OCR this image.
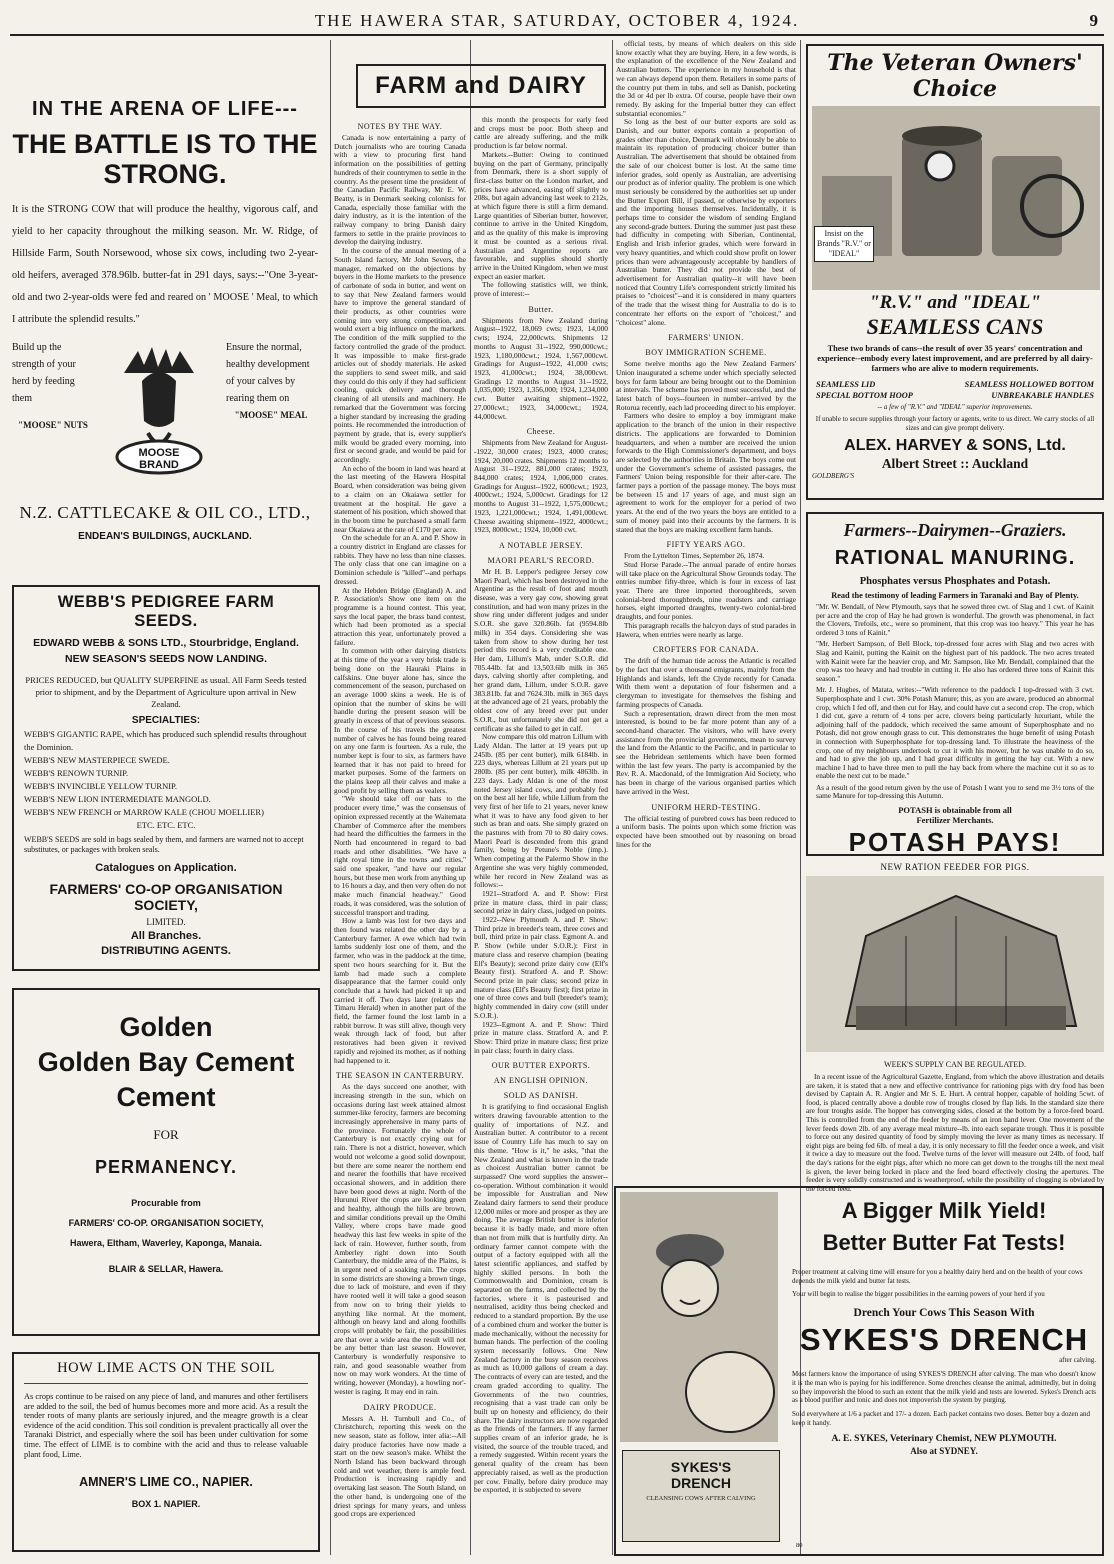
THE HAWERA STAR, SATURDAY, OCTOBER 4, 1924.	9
IN THE ARENA OF LIFE---
THE BATTLE IS TO THE STRONG.

It is the STRONG COW that will produce the healthy, vigorous calf, and yield to her capacity throughout the milking season. Mr. W. Ridge, of Hillside Farm, South Norsewood, whose six cows, including two 2-year-old heifers, averaged 378.96lb. butter-fat in 291 days, says:--"One 3-year-old and two 2-year-olds were fed and reared on ' MOOSE ' Meal, to which I attribute the splendid results."

Build up the strength of your herd by feeding them

"MOOSE" NUTS
MOOSE BRAND
Ensure the normal, healthy development of your calves by rearing them on

"MOOSE" MEAL
N.Z. CATTLECAKE & OIL CO., LTD.,
ENDEAN'S BUILDINGS, AUCKLAND.
WEBB'S PEDIGREE FARM SEEDS.
EDWARD WEBB & SONS LTD., Stourbridge, England.
NEW SEASON'S SEEDS NOW LANDING.

PRICES REDUCED, but QUALITY SUPERFINE as usual. All Farm Seeds tested prior to shipment, and by the Department of Agriculture upon arrival in New Zealand.

SPECIALTIES:

WEBB'S GIGANTIC RAPE, which has produced such splendid results throughout the Dominion.

WEBB'S NEW MASTERPIECE SWEDE.

WEBB'S RENOWN TURNIP.

WEBB'S INVINCIBLE YELLOW TURNIP.

WEBB'S NEW LION INTERMEDIATE MANGOLD.

WEBB'S NEW FRENCH or MARROW KALE (CHOU MOELLIER)

ETC. ETC. ETC.

WEBB'S SEEDS are sold in bags sealed by them, and farmers are warned not to accept substitutes, or packages with broken seals.

Catalogues on Application.
FARMERS' CO-OP ORGANISATION SOCIETY,
LIMITED.
All Branches.
DISTRIBUTING AGENTS.
Golden
Golden Bay Cement
Cement
FOR
PERMANENCY.
Procurable from
FARMERS' CO-OP. ORGANISATION SOCIETY,
Hawera, Eltham, Waverley, Kaponga, Manaia.
BLAIR & SELLAR, Hawera.
HOW LIME ACTS ON THE SOIL

As crops continue to be raised on any piece of land, and manures and other fertilisers are added to the soil, the bed of humus becomes more and more acid. As a result the tender roots of many plants are seriously injured, and the meagre growth is a clear evidence of the acid condition. This soil condition is prevalent practically all over the Taranaki District, and especially where the soil has been under cultivation for some time. The effect of LIME is to combine with the acid and thus to release valuable plant food, Lime.

AMNER'S LIME CO., NAPIER.
BOX 1. NAPIER.
FARM and DAIRY

NOTES BY THE WAY.

Canada is now entertaining a party of Dutch journalists who are touring Canada with a view to procuring first hand information on the possibilities of getting hundreds of their countrymen to settle in the country. As the present time the president of the Canadian Pacific Railway, Mr E. W. Beatty, is in Denmark seeking colonists for Canada, especially those familiar with the dairy industry, as it is the intention of the railway company to bring Danish dairy farmers to settle in the prairie provinces to develop the dairying industry.

In the course of the annual meeting of a South Island factory, Mr John Severs, the manager, remarked on the objections by buyers in the Home markets to the presence of carbonate of soda in butter, and went on to say that New Zealand farmers would have to improve the general standard of their products, as other countries were coming into very strong competition, and would exert a big influence on the markets. The condition of the milk supplied to the factory controlled the grade of the product. It was impossible to make first-grade articles out of shoddy materials. He asked the suppliers to send sweet milk, and said they could do this only if they had sufficient cooling, quick delivery and thorough cleaning of all utensils and machinery. He remarked that the Government was forcing a higher standard by increasing the grading points. He recommended the introduction of payment by grade, that is, every supplier's milk would be graded every morning, into first or second grade, and would be paid for accordingly.

An echo of the boom in land was heard at the last meeting of the Hawera Hospital Board, when consideration was being given to a claim on an Okaiawa settler for treatment at the hospital. He gave a statement of his position, which showed that in the boom time he purchased a small farm near Okaiawa at the rate of £170 per acre.

On the schedule for an A. and P. Show in a country district in England are classes for rabbits. They have no less than nine classes. The only class that one can imagine on a Dominion schedule is "killed"--and perhaps dressed.

At the Hebden Bridge (England) A. and P. Association's Show one item on the programme is a hound contest. This year, says the local paper, the brass band contest, which had been promoted as a special attraction this year, unfortunately proved a failure.

In common with other dairying districts at this time of the year a very brisk trade is being done on the Hauraki Plains in calfskins. One buyer alone has, since the commencement of the season, purchased on an average 1000 skins a week. He is of opinion that the number of skins he will handle during the present season will be greatly in excess of that of previous seasons. In the course of his travels the greatest number of calves he has found being reared on any one farm is fourteen. As a rule, the number kept is four to six, as farmers have learned that it has not paid to breed for market purposes. Some of the farmers on the plains keep all their calves and make a good profit by selling them as vealers.

"We should take off our hats to the producer every time," was the consensus of opinion expressed recently at the Waitemata Chamber of Commerce after the members had heard the difficulties the farmers in the North had encountered in regard to bad roads and other disabilities. "We have a right royal time in the towns and cities," said one speaker, "and have our regular hours, but these men work from anything up to 16 hours a day, and then very often do not make much financial headway." Good roads, it was considered, was the solution of successful transport and trading.

How a lamb was lost for two days and then found was related the other day by a Canterbury farmer. A ewe which had twin lambs suddenly lost one of them, and the farmer, who was in the paddock at the time, spent two hours searching for it. But the lamb had made such a complete disappearance that the farmer could only conclude that a hawk had picked it up and carried it off. Two days later (relates the Timaru Herald) when in another part of the field, the farmer found the lost lamb in a rabbit burrow. It was still alive, though very weak through lack of food, but after restoratives had been given it revived rapidly and rejoined its mother, as if nothing had happened to it.

THE SEASON IN CANTERBURY.

As the days succeed one another, with increasing strength in the sun, which on occasions during last week attained almost summer-like ferocity, farmers are becoming increasingly apprehensive in many parts of the province. Fortunately the whole of Canterbury is not exactly crying out for rain. There is not a district, however, which would not welcome a good solid downpour, but there are some nearer the northern end and nearer the foothills that have received occasional showers, and in addition there have been good dews at night. North of the Hurunui River the crops are looking green and healthy, although the hills are brown, and similar conditions prevail up the Omihi Valley, where crops have made good headway this last few weeks in spite of the lack of rain. However, further south, from Amberley right down into South Canterbury, the middle area of the Plains, is in urgent need of a soaking rain. The crops in some districts are showing a brown tinge, due to lack of moisture, and even if they have rooted well it will take a good season from now on to bring their yields to anything like normal. At the moment, although on heavy land and along foothills crops will probably be fair, the possibilities are that over a wide area the result will not be any better than last season. However, Canterbury is wonderfully responsive to rain, and good seasonable weather from now on may work wonders. At the time of writing, however (Monday), a howling nor'-wester is raging. It may end in rain.

DAIRY PRODUCE.

Messrs A. H. Turnbull and Co., of Christchurch, reporting this week on the new season, state as follow, inter alia:--All dairy produce factories have now made a start on the new season's make. Whilst the North Island has been backward through cold and wet weather, there is ample feed. Production is increasing rapidly and overtaking last season. The South Island, on the other hand, is undergoing one of the driest springs for many years, and unless good crops are experienced

this month the prospects for early feed and crops must be poor. Both sheep and cattle are already suffering, and the milk production is far below normal.

Markets.--Butter: Owing to continued buying on the part of Germany, principally from Denmark, there is a short supply of first-class butter on the London market, and prices have advanced, easing off slightly to 208s, but again advancing last week to 212s, at which figure there is still a firm demand. Large quantities of Siberian butter, however, continue to arrive in the United Kingdom, and as the quality of this make is improving it must be counted as a serious rival. Australian and Argentine reports are favourable, and supplies should shortly arrive in the United Kingdom, when we must expect an easier market.

The following statistics will, we think, prove of interest:--

Butter.

Shipments from New Zealand during August--1922, 18,069 cwts; 1923, 14,000 cwts; 1924, 22,000cwts. Shipments 12 months to August 31--1922, 990,000cwt.; 1923, 1,180,000cwt.; 1924, 1,567,000cwt. Gradings for August--1922, 41,000 cwts; 1923, 41,000cwt.; 1924, 38,000cwt. Gradings 12 months to August 31--1922, 1,035,000; 1923, 1,356,000; 1924, 1,234,000 cwt. Butter awaiting shipment--1922, 27,000cwt.; 1923, 34,000cwt.; 1924, 44,000cwt.

Cheese.

Shipments from New Zealand for August--1922, 30,000 crates; 1923, 4000 crates; 1924, 20,000 crates. Shipments 12 months to August 31--1922, 881,000 crates; 1923, 844,000 crates; 1924, 1,006,000 crates. Gradings for August--1922, 6000cwt.; 1923, 4000cwt.; 1924, 5,000cwt. Gradings for 12 months to August 31--1922, 1,575,000cwt.; 1923, 1,221,000cwt.; 1924, 1,491,000cwt. Cheese awaiting shipment--1922, 4000cwt.; 1923, 8000cwt.; 1924, 10,000 cwt.

A NOTABLE JERSEY.

MAORI PEARL'S RECORD.

Mr H. B. Lepper's pedigree Jersey cow Maori Pearl, which has been destroyed in the Argentine as the result of foot and mouth disease, was a very gay cow, showing great constitution, and had won many prizes in the show ring under different judges and under S.O.R. she gave 320.86lb. fat (9594.8lb milk) in 354 days. Considering she was taken from show to show during her test period this record is a very creditable one. Her dam, Lillum's Mab, under S.O.R. did 705.44lb. fat and 13,503.6lb milk in 365 days, calving shortly after completing, and her grand dam, Lillum, under S.O.R. gave 383.81lb. fat and 7624.3lb. milk in 365 days at the advanced age of 21 years, probably the oldest cow of any breed ever put under S.O.R., but unfortunately she did not get a certificate as she failed to get in calf.

Now compare this old matron Lillum with Lady Aldan. The latter at 19 years put up 245lb. (85 per cent butter), milk 6184lb. in 223 days, whereas Lillum at 21 years put up 280lb. (85 per cent butter), milk 4863lb. in 223 days. Lady Aldan is one of the most noted Jersey island cows, and probably fed on the best all her life, while Lillum from the very first of her life to 21 years, never knew what it was to have any food given to her such as bran and oats. She simply grazed on the pastures with from 70 to 80 dairy cows. Maori Pearl is descended from this grand family, being by Petune's Noble (imp.). When competing at the Palermo Show in the Argentine she was very highly commended, while her record in New Zealand was as follows:--

1921--Stratford A. and P. Show: First prize in mature class, third in pair class; second prize in dairy class, judged on points.

1922--New Plymouth A. and P. Show: Third prize in breeder's team, three cows and bull, third prize in pair class. Egmont A. and P. Show (while under S.O.R.): First in mature class and reserve champion (beating Elf's Beauty); second prize dairy cow (Elf's Beauty first). Stratford A. and P. Show: Second prize in pair class; second prize in mature class (Elf's Beauty first); first prize in one of three cows and bull (breeder's team); highly commended in dairy cow (still under S.O.R.).

1923--Egmont A. and P. Show: Third prize in mature class. Stratford A. and P. Show: Third prize in mature class; first prize in pair class; fourth in dairy class.

OUR BUTTER EXPORTS.

AN ENGLISH OPINION.

SOLD AS DANISH.

It is gratifying to find occasional English writers drawing favourable attention to the quality of importations of N.Z. and Australian butter. A contributor to a recent issue of Country Life has much to say on this theme. "How is it," he asks, "that the New Zealand and what is known in the trade as choicest Australian butter cannot be surpassed? One word supplies the answer--co-operation. Without combination it would be impossible for Australian and New Zealand dairy farmers to send their produce 12,000 miles or more and prosper as they are doing. The average British butter is inferior because it is badly made, and more often than not from milk that is hurtfully dirty. An ordinary farmer cannot compete with the output of a factory equipped with all the latest scientific appliances, and staffed by highly skilled persons. In both the Commonwealth and Dominion, cream is separated on the farms, and collected by the factories, where it is pasteurised and neutralised, acidity thus being checked and reduced to a standard proportion. By the use of a combined churn and worker the butter is made mechanically, without the necessity for human hands. The perfection of the cooling system necessarily follows. One New Zealand factory in the busy season receives as much as 10,000 gallons of cream a day. The contracts of every can are tested, and the cream graded according to quality. The Governments of the two countries, recognising that a vast trade can only be built up on honesty and efficiency, do their share. The dairy instructors are now regarded as the friends of the farmers. If any farmer supplies cream of an inferior grade, he is visited, the source of the trouble traced, and a remedy suggested. Within recent years the general quality of the cream has been appreciably raised, as well as the production per cow. Finally, before dairy produce may be exported, it is subjected to severe

official tests, by means of which dealers on this side know exactly what they are buying. Here, in a few words, is the explanation of the excellence of the New Zealand and Australian butters. The experience in my household is that we can always depend upon them. Retailers in some parts of the country put them in tubs, and sell as Danish, pocketing the 3d or 4d per lb extra. Of course, people have their own remedy. By asking for the Imperial butter they can effect substantial economies."

So long as the best of our butter exports are sold as Danish, and our butter exports contain a proportion of grades other than choice, Denmark will obviously be able to maintain its reputation of producing choicer butter than Australian. The advertisement that should be obtained from the sale of our choicest butter is lost. At the same time inferior grades, sold openly as Australian, are advertising our product as of inferior quality. The problem is one which must seriously be considered by the authorities set up under the Butter Export Bill, if passed, or otherwise by exporters and the importing houses themselves. Incidentally, it is perhaps time to consider the wisdom of sending England any second-grade butters. During the summer just past these had difficulty in competing with Siberian, Continental, English and Irish inferior grades, which were forward in very heavy quantities, and which could show profit on lower prices than were advantageously acceptable by handlers of Australian butter. They did not provide the best of advertisement for Australian quality--it will have been noticed that Country Life's correspondent strictly limited his praises to "choicest"--and it is considered in many quarters of the trade that the wisest thing for Australia to do is to concentrate her efforts on the export of "choicest," and "choicest" alone.

FARMERS' UNION.

BOY IMMIGRATION SCHEME.

Some twelve months ago the New Zealand Farmers' Union inaugurated a scheme under which specially selected boys for farm labour are being brought out to the Dominion at intervals. The scheme has proved most successful, and the latest batch of boys--fourteen in number--arrived by the Rotorua recently, each lad proceeding direct to his employer.

Farmers who desire to employ a boy immigrant make application to the branch of the union in their respective districts. The applications are forwarded to Dominion headquarters, and when a number are received the union forwards to the High Commissioner's department, and boys are selected by the authorities in Britain. The boys come out under the Government's scheme of assisted passages, the Farmers' Union being responsible for their after-care. The farmer pays a portion of the passage money. The boys must be between 15 and 17 years of age, and must sign an agreement to work for the employer for a period of two years. At the end of the two years the boys are entitled to a sum of money paid into their accounts by the farmers. It is stated that the boys are making excellent farm hands.

FIFTY YEARS AGO.

From the Lyttelton Times, September 26, 1874.

Stud Horse Parade.--The annual parade of entire horses will take place on the Agricultural Show Grounds today. The entries number fifty-three, which is four in excess of last year. There are three imported thoroughbreds, seven colonial-bred thoroughbreds, nine roadsters and carriage horses, eight imported draughts, twenty-two colonial-bred draughts, and four ponies.

This paragraph recalls the halcyon days of stud parades in Hawera, when entries were nearly as large.

CROFTERS FOR CANADA.

The drift of the human tide across the Atlantic is recalled by the fact that over a thousand emigrants, mainly from the Highlands and islands, left the Clyde recently for Canada. With them went a deputation of four fishermen and a clergyman to investigate for themselves the fishing and farming prospects of Canada.

Such a representation, drawn direct from the men most interested, is bound to be far more potent than any of a second-hand character. The visitors, who will have every assistance from the provincial governments, mean to survey the land from the Atlantic to the Pacific, and in particular to see the Hebridean settlements which have been formed within the last few years. The party is accompanied by the Rev. R. A. Macdonald, of the Immigration Aid Society, who has been in charge of the various organised parties which have arrived in the West.

UNIFORM HERD-TESTING.

The official testing of purebred cows has been reduced to a uniform basis. The points upon which some friction was expected have been smoothed out by reasoning on broad lines for the

The Veteran Owners' Choice
Insist on the Brands "R.V." or "IDEAL"
"R.V." and "IDEAL"
SEAMLESS CANS

These two brands of cans--the result of over 35 years' concentration and experience--embody every latest improvement, and are preferred by all dairy-farmers who are alive to modern requirements.

SEAMLESS LID	SEAMLESS HOLLOWED BOTTOM
SPECIAL BOTTOM HOOP	UNBREAKABLE HANDLES
-- a few of "R.V." and "IDEAL" superior improvements.

If unable to secure supplies through your factory or agents, write to us direct. We carry stocks of all sizes and can give prompt delivery.

ALEX. HARVEY & SONS, Ltd.
Albert Street :: Auckland
GOLDBERG'S
Farmers--Dairymen--Graziers.
RATIONAL MANURING.
Phosphates versus Phosphates and Potash.
Read the testimony of leading Farmers in Taranaki and Bay of Plenty.

"Mr. W. Bendall, of New Plymouth, says that he sowed three cwt. of Slag and 1 cwt. of Kainit per acre and the crop of Hay he had grown is wonderful. The growth was phenomenal, in fact the Clovers, Trefoils, etc., were so prominent, that this crop was too heavy." This year he has ordered 3 tons of Kainit."

"Mr. Herbert Sampson, of Bell Block, top-dressed four acres with Slag and two acres with Slag and Kainit, putting the Kainit on the highest part of his paddock. The two acres treated with Kainit were far the heavier crop, and Mr. Sampson, like Mr. Bendall, complained that the crop was too heavy and had trouble in cutting it. He also has ordered three tons of Kainit this season."

Mr. J. Hughes, of Matata, writes:--"With reference to the paddock I top-dressed with 3 cwt. Superphosphate and 1 cwt. 30% Potash Manure; this, as you are aware, produced an abnormal crop, which I fed off, and then cut for Hay, and could have cut a second crop. The crop, which I did cut, gave a return of 4 tons per acre, clovers being particularly luxuriant, while the adjoining half of the paddock, which received the same amount of Superphosphate and no Potash, did not grow enough grass to cut. This demonstrates the huge benefit of using Potash in connection with Superphosphate for top-dressing land. To illustrate the heaviness of the crop, one of my neighbours undertook to cut it with his mower, but he was unable to do so, and had to give the job up, and I had great difficulty in getting the hay cut. With a new machine I had to have three men to pull the hay back from where the machine cut it so as to enable the next cut to be made."

As a result of the good return given by the use of Potash I want you to send me 3½ tons of the same Manure for top-dressing this Autumn.

POTASH is obtainable from all
Fertilizer Merchants.
POTASH PAYS!
NEW RATION FEEDER FOR PIGS.
WEEK'S SUPPLY CAN BE REGULATED.

In a recent issue of the Agricultural Gazette, England, from which the above illustration and details are taken, it is stated that a new and effective contrivance for rationing pigs with dry food has been devised by Captain A. R. Angier and Mr S. E. Hurt. A central hopper, capable of holding 5cwt. of food, is placed centrally above a double row of troughs closed by flap lids. In the standard size there are four troughs aside. The hopper has converging sides, closed at the bottom by a force-feed board. This is controlled from the end of the feeder by means of an iron hand lever. One movement of the lever feeds down 2lb. of any average meal mixture--lb. into each separate trough. Thus it is possible to force out any desired quantity of food by simply moving the lever as many times as necessary. If eight pigs are being fed 6lb. of meal a day, it is only necessary to fill the feeder once a week, and visit it twice a day to measure out the food. Twelve turns of the lever will measure out 24lb. of food, half the day's rations for the eight pigs, after which no more can get down to the troughs till the next meal is given, the lever being locked in place and the feed board effectively closing the apertures. The feeder is very solidly constructed and is weatherproof, while the possibility of clogging is obviated by the forced feed.

A Bigger Milk Yield!
Better Butter Fat Tests!

Proper treatment at calving time will ensure for you a healthy dairy herd and on the health of your cows depends the milk yield and butter fat tests.

Your will begin to realise the bigger possibilities in the earning powers of your herd if you

Drench Your Cows This Season With
SYKES'S DRENCH
after calving.

Most farmers know the importance of using SYKES'S DRENCH after calving. The man who doesn't know it is the man who is paying for his indifference. Some drenches cleanse the animal, admittedly, but in doing so they impoverish the blood to such an extent that the milk yield and tests are lowered. Sykes's Drench acts as a blood purifier and tonic and does not impoverish the system by purging.

Sold everywhere at 1/6 a packet and 17/- a dozen. Each packet contains two doses. Better buy a dozen and keep it handy.

A. E. SYKES, Veterinary Chemist, NEW PLYMOUTH.
Also at SYDNEY.
SYKES'S
DRENCH
CLEANSING COWS AFTER CALVING
80
